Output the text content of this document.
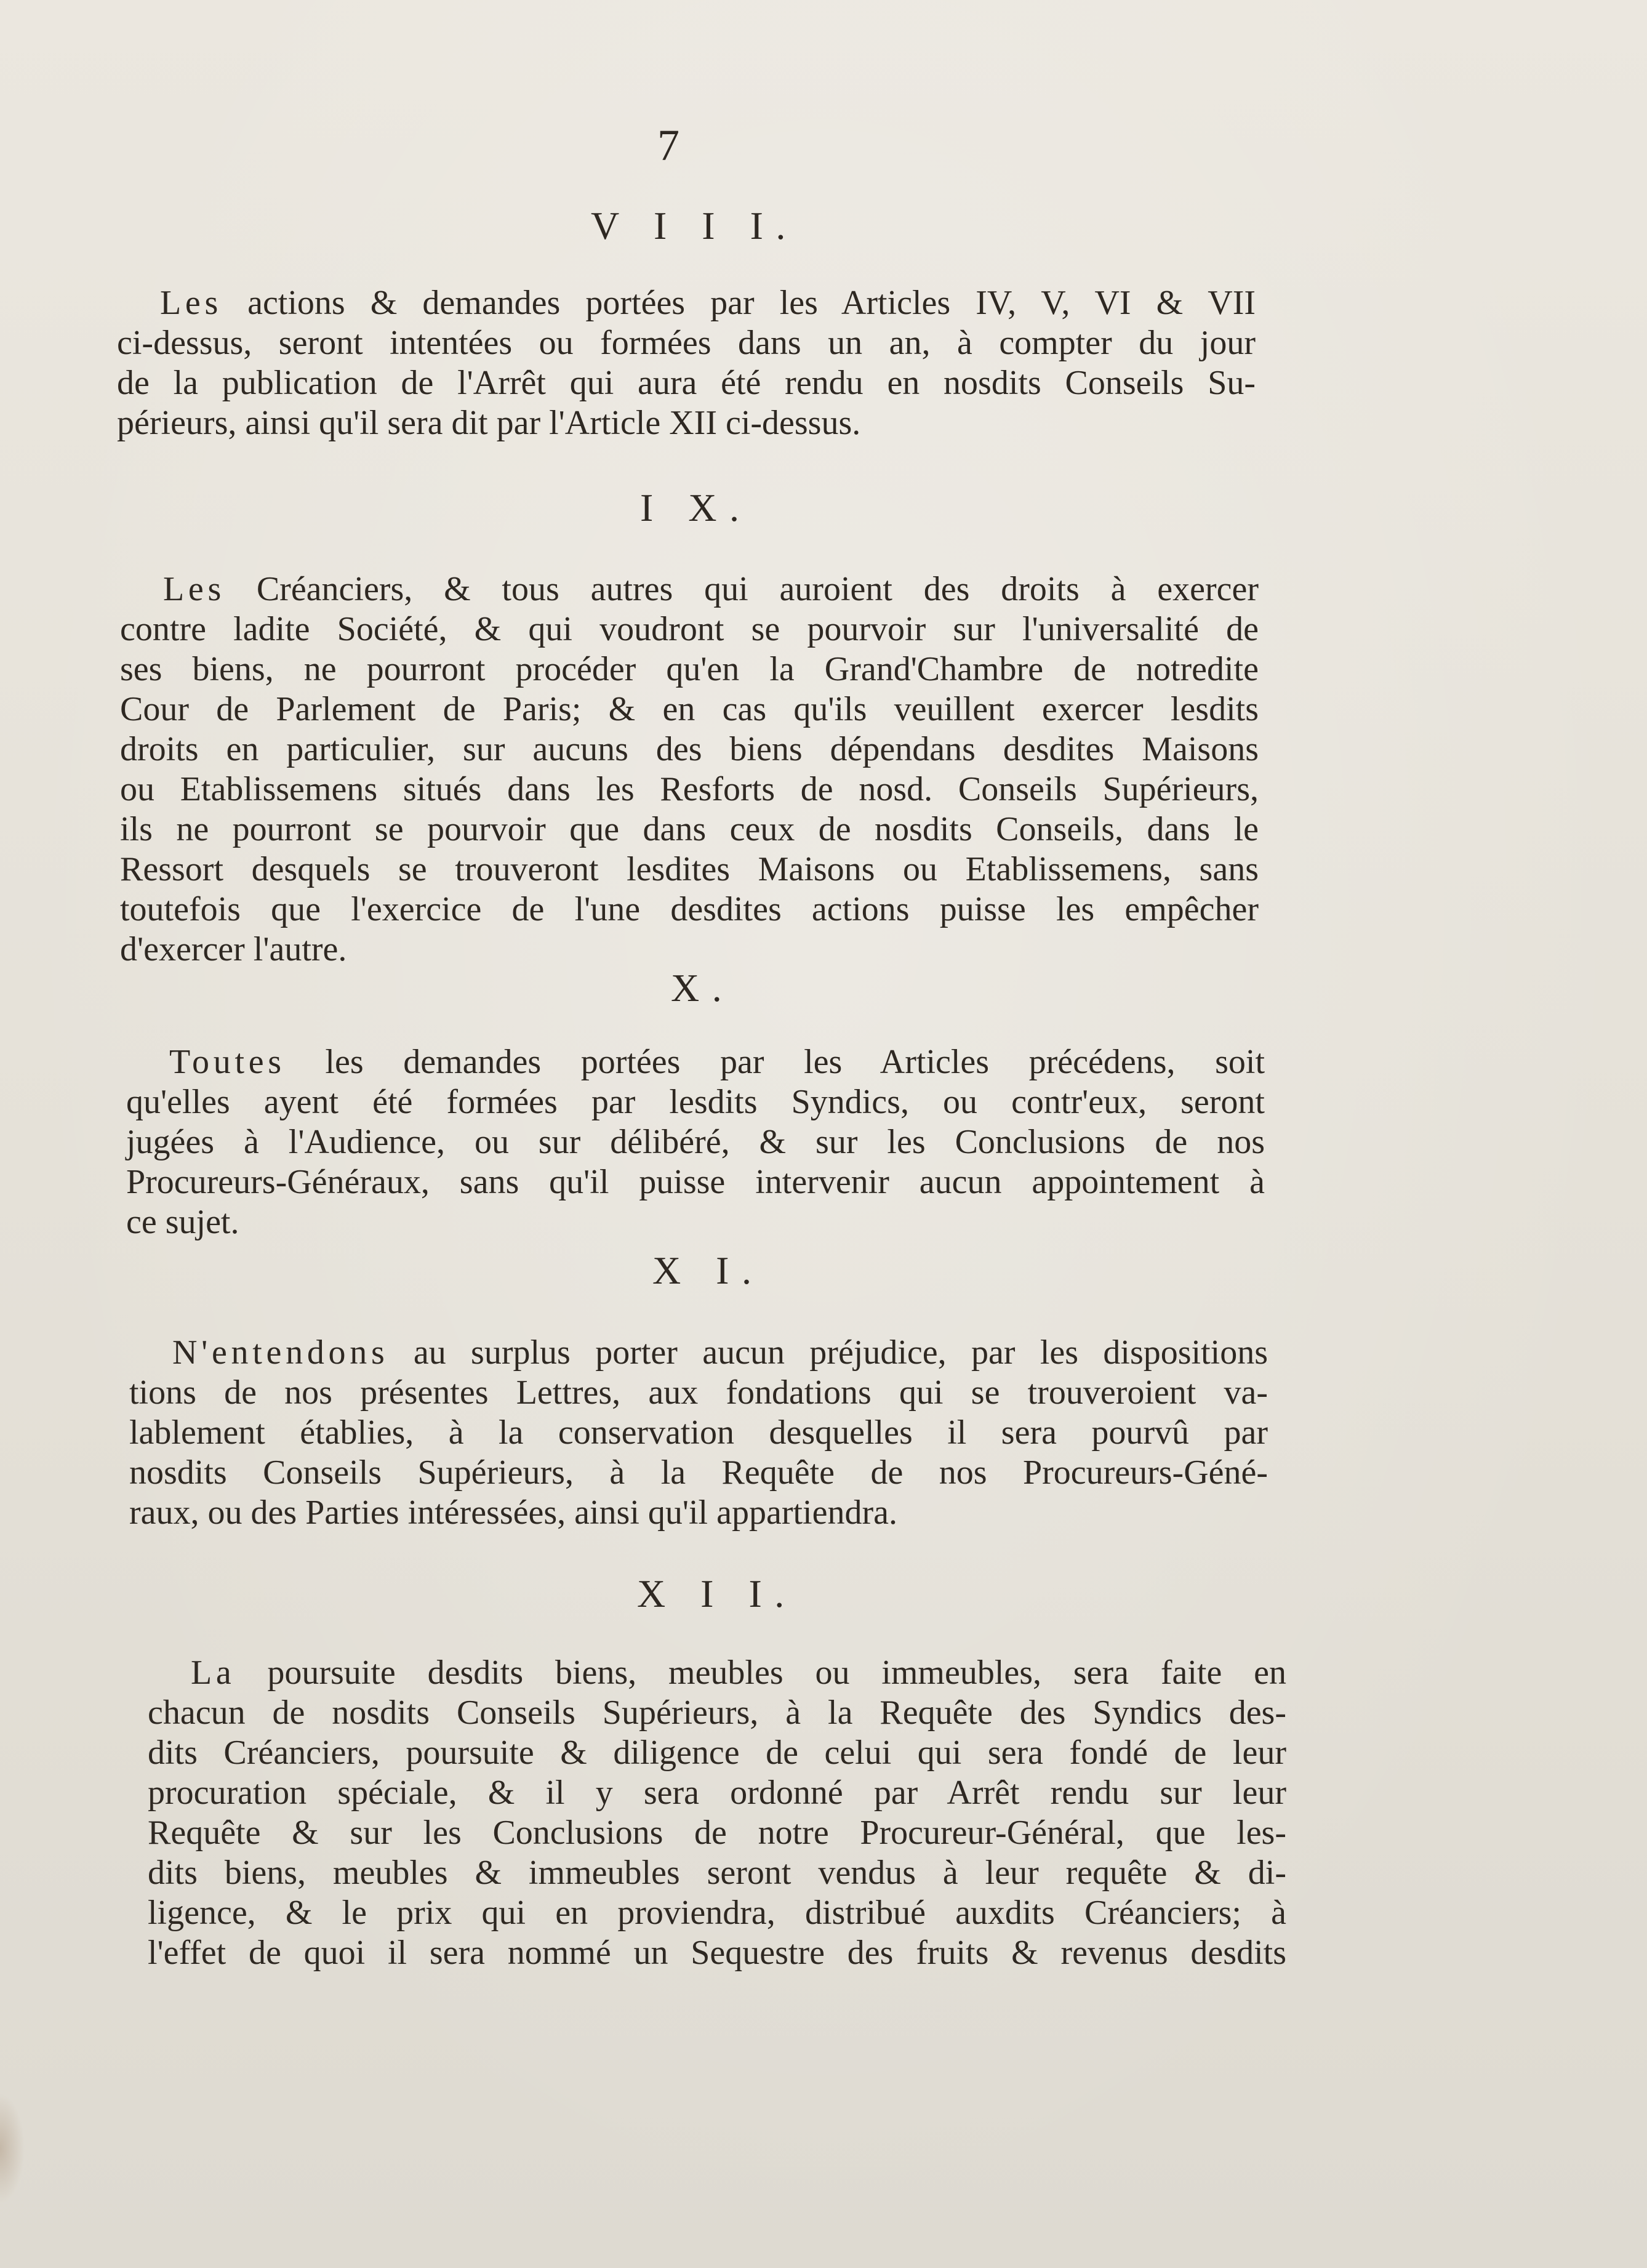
7
V I I I.
Les actions & demandes portées par les Articles IV, V, VI & VII
ci-dessus, seront intentées ou formées dans un an, à compter du jour
de la publication de l'Arrêt qui aura été rendu en nosdits Conseils Su-
périeurs, ainsi qu'il sera dit par l'Article XII ci-dessus.
I X.
Les Créanciers, & tous autres qui auroient des droits à exercer
contre ladite Société, & qui voudront se pourvoir sur l'universalité de
ses biens, ne pourront procéder qu'en la Grand'Chambre de notredite
Cour de Parlement de Paris; & en cas qu'ils veuillent exercer lesdits
droits en particulier, sur aucuns des biens dépendans desdites Maisons
ou Etablissemens situés dans les Resforts de nosd. Conseils Supérieurs,
ils ne pourront se pourvoir que dans ceux de nosdits Conseils, dans le
Ressort desquels se trouveront lesdites Maisons ou Etablissemens, sans
toutefois que l'exercice de l'une desdites actions puisse les empêcher
d'exercer l'autre.
X.
Toutes les demandes portées par les Articles précédens, soit
qu'elles ayent été formées par lesdits Syndics, ou contr'eux, seront
jugées à l'Audience, ou sur délibéré, & sur les Conclusions de nos
Procureurs-Généraux, sans qu'il puisse intervenir aucun appointement à
ce sujet.
X I.
N'entendons au surplus porter aucun préjudice, par les dispositions
tions de nos présentes Lettres, aux fondations qui se trouveroient va-
lablement établies, à la conservation desquelles il sera pourvû par
nosdits Conseils Supérieurs, à la Requête de nos Procureurs-Géné-
raux, ou des Parties intéressées, ainsi qu'il appartiendra.
X I I.
La poursuite desdits biens, meubles ou immeubles, sera faite en
chacun de nosdits Conseils Supérieurs, à la Requête des Syndics des-
dits Créanciers, poursuite & diligence de celui qui sera fondé de leur
procuration spéciale, & il y sera ordonné par Arrêt rendu sur leur
Requête & sur les Conclusions de notre Procureur-Général, que les-
dits biens, meubles & immeubles seront vendus à leur requête & di-
ligence, & le prix qui en proviendra, distribué auxdits Créanciers; à
l'effet de quoi il sera nommé un Sequestre des fruits & revenus desdits
